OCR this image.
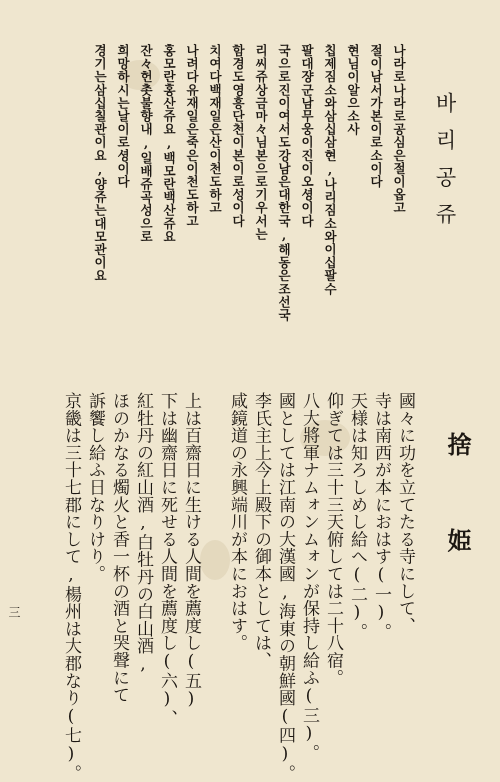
바리공쥬
捨姫
나라로나라로공심은절이옵고
절이남서가본이로소이다
현님이알으소사
칩제짐소와삼십삼현,나리짐소와이십팔수
팔대쟝군남무웅이진이오셩이다
국으로진이여서도강남은대한국,해동은조선국
리씨쥬상금마々님본으로기우서는
함경도영흥단천이본이로성이다
치여다백재일은산이천도하고
나려다유재일은죽은이천도하고
홍모란홍산쥬요,백모란백산쥬요
잔々헌촛불향내,일배쥬곡성으로
희망하시는날이로셩이다
경기는삼십칠관이요,양쥬는대모관이요
國々に功を立てたる寺にして、
寺は南西が本におはす(一)。
天様は知ろしめし給へ(二)。
仰ぎては三十三天俯しては二十八宿。
八大將軍ナムォンムォンが保持し給ふ(三)。
國としては江南の大漢國,海東の朝鮮國(四)。
李氏主上今上殿下の御本としては、
咸鏡道の永興端川が本におはす。
上は百齋日に生ける人間を薦度し(五)
下は幽齋日に死せる人間を薦度し(六)、
紅牡丹の紅山酒,白牡丹の白山酒,
ほのかなる燭火と香一杯の酒と哭聲にて
訴饗し給ふ日なりけり。
京畿は三十七郡にして,楊州は大郡なり(七)。
三
